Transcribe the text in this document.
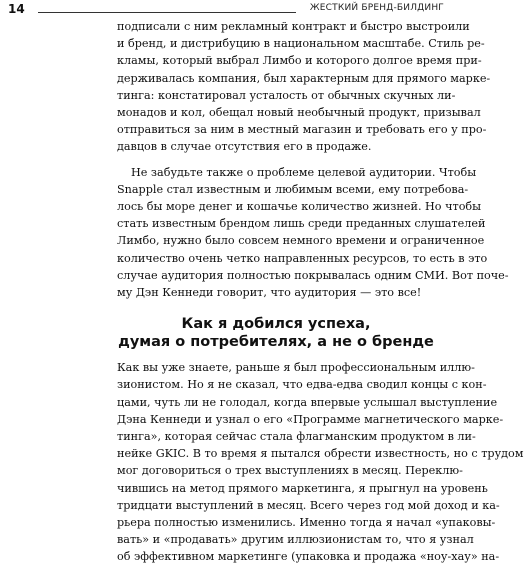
14	ЖЕСТКИЙ БРЕНД-БИЛДИНГ

подписали с ним рекламный контракт и быстро выстроили
и бренд, и дистрибуцию в национальном масштабе. Стиль ре-
кламы, который выбрал Лимбо и которого долгое время при-
держивалась компания, был характерным для прямого марке-
тинга: констатировал усталость от обычных скучных ли-
монадов и кол, обещал новый необычный продукт, призывал
отправиться за ним в местный магазин и требовать его у про-
давцов в случае отсутствия его в продаже.

Не забудьте также о проблеме целевой аудитории. Чтобы
Snapple стал известным и любимым всеми, ему потребова-
лось бы море денег и кошачье количество жизней. Но чтобы
стать известным брендом лишь среди преданных слушателей
Лимбо, нужно было совсем немного времени и ограниченное
количество очень четко направленных ресурсов, то есть в это
случае аудитория полностью покрывалась одним СМИ. Вот поче-
му Дэн Кеннеди говорит, что аудитория — это все!

Как я добился успеха,
думая о потребителях, а не о бренде

Как вы уже знаете, раньше я был профессиональным иллю-
зионистом. Но я не сказал, что едва-едва сводил концы с кон-
цами, чуть ли не голодал, когда впервые услышал выступление
Дэна Кеннеди и узнал о его «Программе магнетического марке-
тинга», которая сейчас стала флагманским продуктом в ли-
нейке GKIC. В то время я пытался обрести известность, но с трудом
мог договориться о трех выступлениях в месяц. Переклю-
чившись на метод прямого маркетинга, я прыгнул на уровень
тридцати выступлений в месяц. Всего через год мой доход и ка-
рьера полностью изменились. Именно тогда я начал «упаковы-
вать» и «продавать» другим иллюзионистам то, что я узнал
об эффективном маркетинге (упаковка и продажа «ноу-хау» на-
